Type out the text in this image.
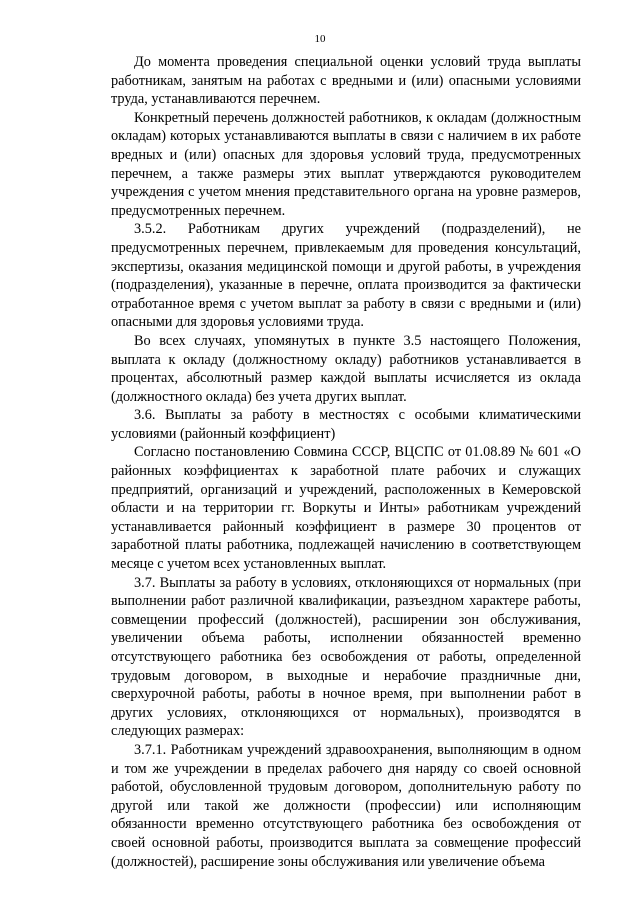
10

До момента проведения специальной оценки условий труда выплаты работникам, занятым на работах с вредными и (или) опасными условиями труда, устанавливаются перечнем.

Конкретный перечень должностей работников, к окладам (должностным окладам) которых устанавливаются выплаты в связи с наличием в их работе вредных и (или) опасных для здоровья условий труда, предусмотренных перечнем, а также размеры этих выплат утверждаются руководителем учреждения с учетом мнения представительного органа на уровне размеров, предусмотренных перечнем.

3.5.2. Работникам других учреждений (подразделений), не предусмотренных перечнем, привлекаемым для проведения консультаций, экспертизы, оказания медицинской помощи и другой работы, в учреждения (подразделения), указанные в перечне, оплата производится за фактически отработанное время с учетом выплат за работу в связи с вредными и (или) опасными для здоровья условиями труда.

Во всех случаях, упомянутых в пункте 3.5 настоящего Положения, выплата к окладу (должностному окладу) работников устанавливается в процентах, абсолютный размер каждой выплаты исчисляется из оклада (должностного оклада) без учета других выплат.

3.6. Выплаты за работу в местностях с особыми климатическими условиями (районный коэффициент)

Согласно постановлению Совмина СССР, ВЦСПС от 01.08.89 № 601 «О районных коэффициентах к заработной плате рабочих и служащих предприятий, организаций и учреждений, расположенных в Кемеровской области и на территории гг. Воркуты и Инты» работникам учреждений устанавливается районный коэффициент в размере 30 процентов от заработной платы работника, подлежащей начислению в соответствующем месяце с учетом всех установленных выплат.

3.7. Выплаты за работу в условиях, отклоняющихся от нормальных (при выполнении работ различной квалификации, разъездном характере работы, совмещении профессий (должностей), расширении зон обслуживания, увеличении объема работы, исполнении обязанностей временно отсутствующего работника без освобождения от работы, определенной трудовым договором, в выходные и нерабочие праздничные дни, сверхурочной работы, работы в ночное время, при выполнении работ в других условиях, отклоняющихся от нормальных), производятся в следующих размерах:

3.7.1. Работникам учреждений здравоохранения, выполняющим в одном и том же учреждении в пределах рабочего дня наряду со своей основной работой, обусловленной трудовым договором, дополнительную работу по другой или такой же должности (профессии) или исполняющим обязанности временно отсутствующего работника без освобождения от своей основной работы, производится выплата за совмещение профессий (должностей), расширение зоны обслуживания или увеличение объема
